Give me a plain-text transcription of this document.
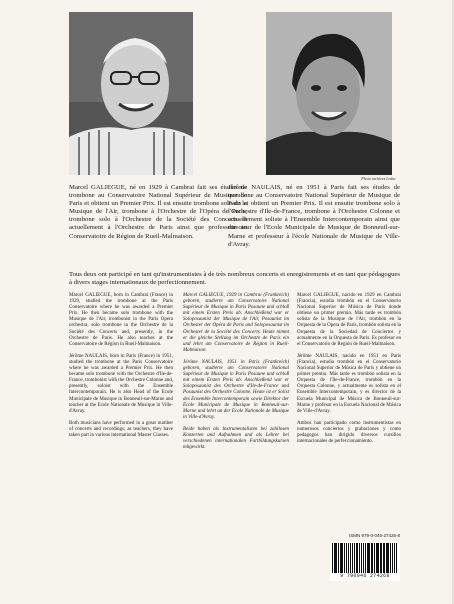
Photo archives Leduc
Marcel GALIEGUE, né en 1929 à Cambrai fait ses études de trombone au Conservatoire National Supérieur de Musique de Paris et obtient un Premier Prix. Il est ensuite trombone solo de la Musique de l'Air, trombone à l'Orchestre de l'Opéra de Paris, trombone solo à l'Orchestre de la Société des Concerts et actuellement à l'Orchestre de Paris ainsi que professeur au Conservatoire de Région de Rueil-Malmaison.
Jérôme NAULAIS, né en 1951 à Paris fait ses études de trombone au Conservatoire National Supérieur de Musique de Paris et obtient un Premier Prix. Il est ensuite trombone solo à l'Orchestre d'Ile-de-France, trombone à l'Orchestre Colonne et actuellement soliste à l'Ensemble Intercontemporain ainsi que directeur de l'Ecole Municipale de Musique de Bonneuil-sur-Marne et professeur à l'école Nationale de Musique de Ville-d'Avray.
Tous deux ont participé en tant qu'instrumentistes à de très nombreux concerts et enregistrements et en tant que pédagogues à divers stages internationaux de perfectionnement.

Marcel GALIEGUE, born in Cambrai (France) in 1929, studied the trombone at the Paris Conservatoire where he was awarded a Premier Prix. He then became solo trombone with the Musique de l'Air, trombonist in the Paris Opera orchestra, solo trombone in the Orchestre de la Société des Concerts and, presently, in the Orchestre de Paris. He also teaches at the Conservatoire de Région in Rueil-Malmaison.

Jérôme NAULAIS, born in Paris (France) in 1951, studied the trombone at the Paris Conservatoire where he was awarded a Premier Prix. He then became solo trombone with the Orchestre d'Ile-de-France, trombonist with the Orchestre Colonne and, presently, soloist with the Ensemble Intercontemporain. He is also Head of the Ecole Municipale de Musique in Bonneuil-sur-Marne and teacher at the Ecole Nationale de Musique in Ville-d'Avray.

Both musicians have performed in a great number of concerts and recordings; as teachers, they have taken part in various international Master Classes.

Marcel GALIEGUE, 1929 in Cambrai (Frankreich) geboren, studierte am Conservatoire National Supérieur de Musique in Paris Posaune und schloß mit einem Ersten Preis ab. Anschließend war er Soloposaunist der Musique de l'Air, Posaunist im Orchester der Opéra de Paris und Soloposaunist im Orchester de la Société des Concerts. Heute nimmt er die gleiche Stellung im Orchestre de Paris ein und lehrt am Conservatoire de Région in Rueil-Malmaison.

Jérôme NAULAIS, 1951 in Paris (Frankreich) geboren, studierte am Conservatoire National Supérieur de Musique in Paris Posaune und schloß mit einem Ersten Preis ab. Anschließend war er Soloposaunist des Orchestre d'Ile-de-France und Posaunist des Orchestre Colonne. Heute ist er Solist des Ensemble Intercontemporain sowie Direktor der Ecole Municipale de Musique in Bonneuil-sur-Marne und lehrt an der Ecole Nationale de Musique in Ville-d'Avray.

Beide haben als Instrumentalisten bei zahllosen Konzerten und Aufnahmen und als Lehrer bei verschiedenen internationalen Fortbildungskursen mitgewirkt.

Marcel GALIEGUE, nacido en 1929 en Cambrai (Francia), estudia trombón en el Conservatorio Nacional Superior de Música de París donde obtiene un primer premio. Más tarde es trombón solista de la Musique de l'Air, trombón en la Orquesta de la Opera de París, trombón solista en la Orquesta de la Sociedad de Conciertos y actualmente en la Orquesta de París. Es profesor en el Conservatorio de Región de Rueil-Malmaison.

Jérôme NAULAIS, nacido en 1951 en París (Francia), estudia trombón en el Conservatorio Nacional Superior de Música de París y obtiene un primer premio. Más tarde es trombón solista en la Orquesta de l'Ile-de-France, trombón en la Orquesta Colonne, y actualmente es solista en el Ensemble Intercontemporain, y es director de la Escuela Municipal de Música de Bonneuil-sur-Marne y profesor en la Escuela Nacional de Música de Ville-d'Avray.

Ambos han participado como instrumentistas en numerosos conciertos y grabaciones y como pedagogos han dirigido diversos cursillos internacionales de perfeccionamiento.

ISMN 979-0-046-27426-8
9 790046 274268
